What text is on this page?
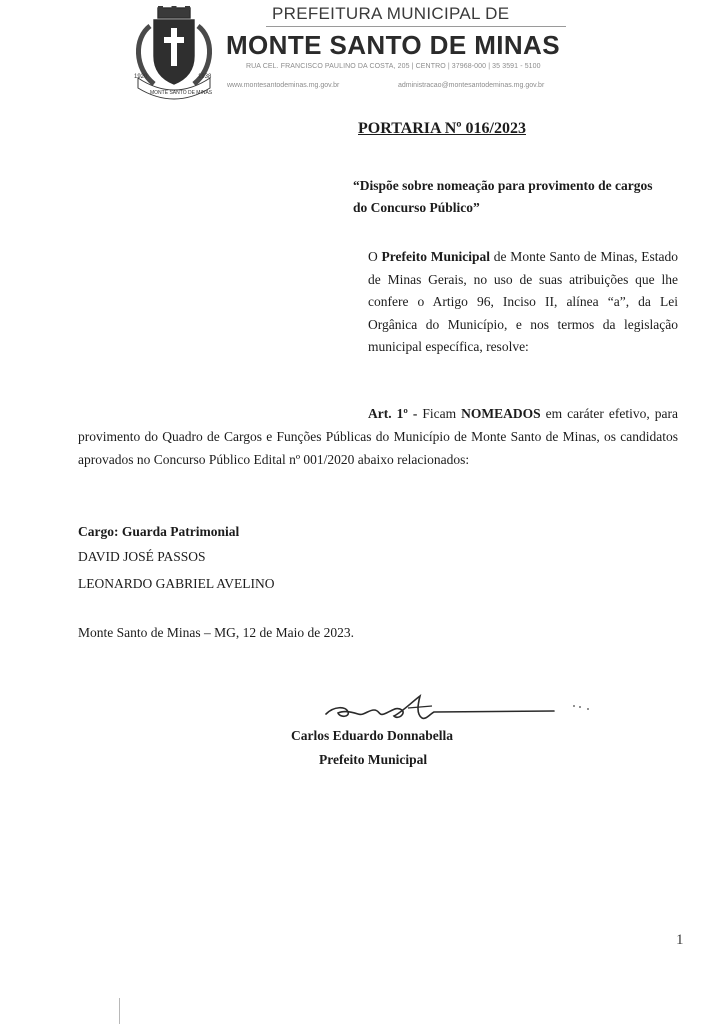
1920	1938
MONTE SANTO DE MINAS
PREFEITURA MUNICIPAL DE
MONTE SANTO DE MINAS
RUA CEL. FRANCISCO PAULINO DA COSTA, 205 | CENTRO | 37968-000 | 35 3591 - 5100
www.montesantodeminas.mg.gov.br	administracao@montesantodeminas.mg.gov.br
PORTARIA Nº 016/2023
“Dispõe sobre nomeação para provimento de cargos do Concurso Público”
O Prefeito Municipal de Monte Santo de Minas, Estado de Minas Gerais, no uso de suas atribuições que lhe confere o Artigo 96, Inciso II, alínea “a”, da Lei Orgânica do Município, e nos termos da legislação municipal específica, resolve:
Art. 1º - Ficam NOMEADOS em caráter efetivo, para provimento do Quadro de Cargos e Funções Públicas do Município de Monte Santo de Minas, os candidatos aprovados no Concurso Público Edital nº 001/2020 abaixo relacionados:
Cargo: Guarda Patrimonial
DAVID JOSÉ PASSOS
LEONARDO GABRIEL AVELINO
Monte Santo de Minas – MG, 12 de Maio de 2023.
Carlos Eduardo Donnabella
Prefeito Municipal
1
